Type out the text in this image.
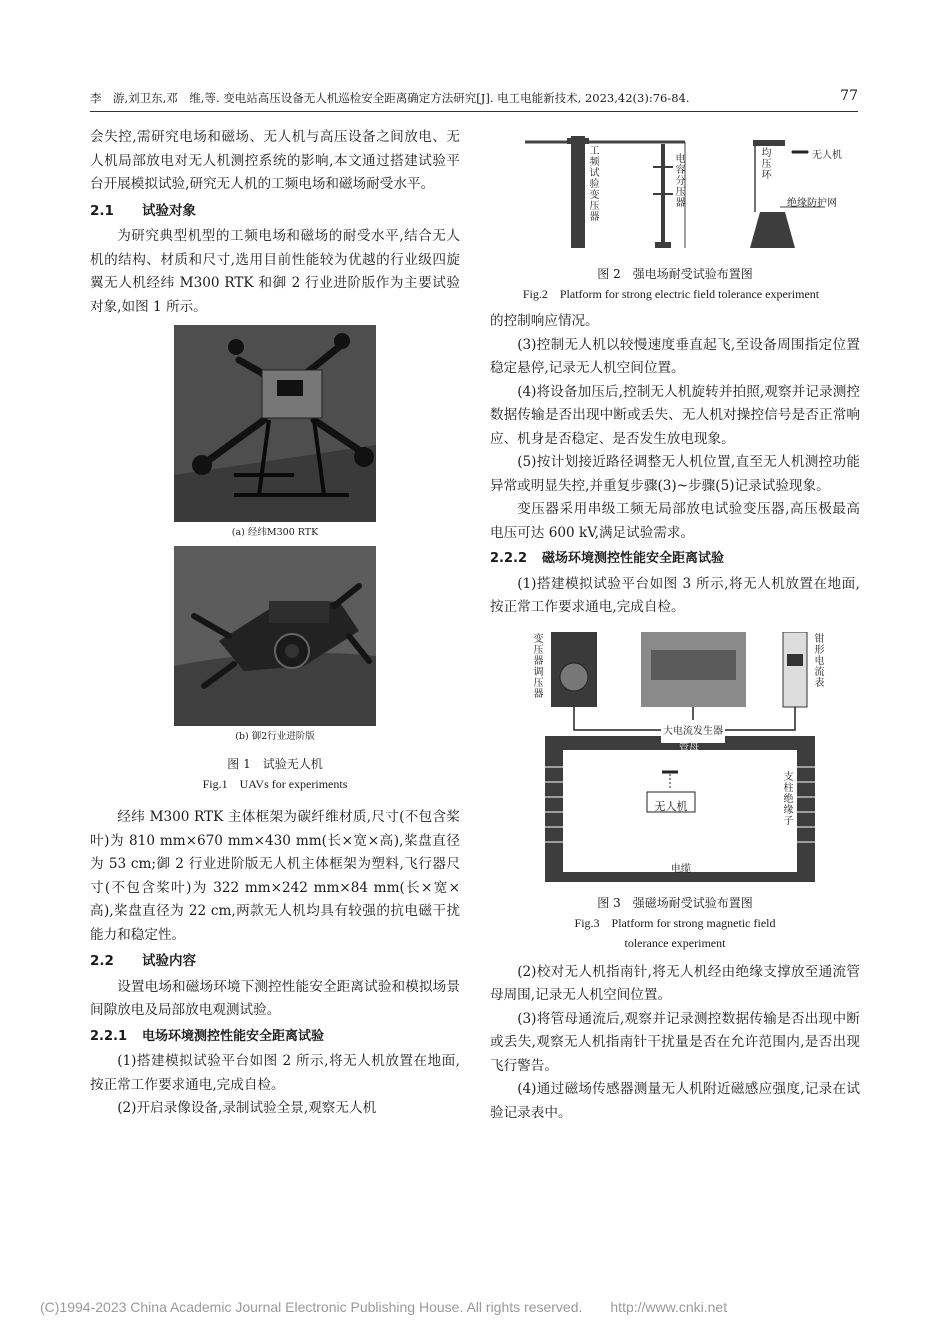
李　游,刘卫东,邓　维,等. 变电站高压设备无人机巡检安全距离确定方法研究[J]. 电工电能新技术, 2023,42(3):76-84.	77

会失控,需研究电场和磁场、无人机与高压设备之间放电、无人机局部放电对无人机测控系统的影响,本文通过搭建试验平台开展模拟试验,研究无人机的工频电场和磁场耐受水平。

2.1 试验对象

为研究典型机型的工频电场和磁场的耐受水平,结合无人机的结构、材质和尺寸,选用目前性能较为优越的行业级四旋翼无人机经纬 M300 RTK 和御 2 行业进阶版作为主要试验对象,如图 1 所示。

(a) 经纬M300 RTK
(b) 御2行业进阶版
图 1　试验无人机
Fig.1　UAVs for experiments

经纬 M300 RTK 主体框架为碳纤维材质,尺寸(不包含桨叶)为 810 mm×670 mm×430 mm(长×宽×高),桨盘直径为 53 cm;御 2 行业进阶版无人机主体框架为塑料,飞行器尺寸(不包含桨叶)为 322 mm×242 mm×84 mm(长×宽×高),桨盘直径为 22 cm,两款无人机均具有较强的抗电磁干扰能力和稳定性。

2.2 试验内容

设置电场和磁场环境下测控性能安全距离试验和模拟场景间隙放电及局部放电观测试验。

2.2.1 电场环境测控性能安全距离试验

(1)搭建模拟试验平台如图 2 所示,将无人机放置在地面,按正常工作要求通电,完成自检。

(2)开启录像设备,录制试验全景,观察无人机

工频试验变压器
电容分压器
均压环
无人机
绝缘防护网
图 2　强电场耐受试验布置图
Fig.2　Platform for strong electric field tolerance experiment

的控制响应情况。

(3)控制无人机以较慢速度垂直起飞,至设备周围指定位置稳定悬停,记录无人机空间位置。

(4)将设备加压后,控制无人机旋转并拍照,观察并记录测控数据传输是否出现中断或丢失、无人机对操控信号是否正常响应、机身是否稳定、是否发生放电现象。

(5)按计划接近路径调整无人机位置,直至无人机测控功能异常或明显失控,并重复步骤(3)~步骤(5)记录试验现象。

变压器采用串级工频无局部放电试验变压器,高压极最高电压可达 600 kV,满足试验需求。

2.2.2 磁场环境测控性能安全距离试验

(1)搭建模拟试验平台如图 3 所示,将无人机放置在地面,按正常工作要求通电,完成自检。

变压器调压器
钳形电流表
大电流发生器
管母
无人机
支柱绝缘子
电缆
图 3　强磁场耐受试验布置图
Fig.3　Platform for strong magnetic field
tolerance experiment

(2)校对无人机指南针,将无人机经由绝缘支撑放至通流管母周围,记录无人机空间位置。

(3)将管母通流后,观察并记录测控数据传输是否出现中断或丢失,观察无人机指南针干扰量是否在允许范围内,是否出现飞行警告。

(4)通过磁场传感器测量无人机附近磁感应强度,记录在试验记录表中。

(C)1994-2023 China Academic Journal Electronic Publishing House. All rights reserved.　　http://www.cnki.net
